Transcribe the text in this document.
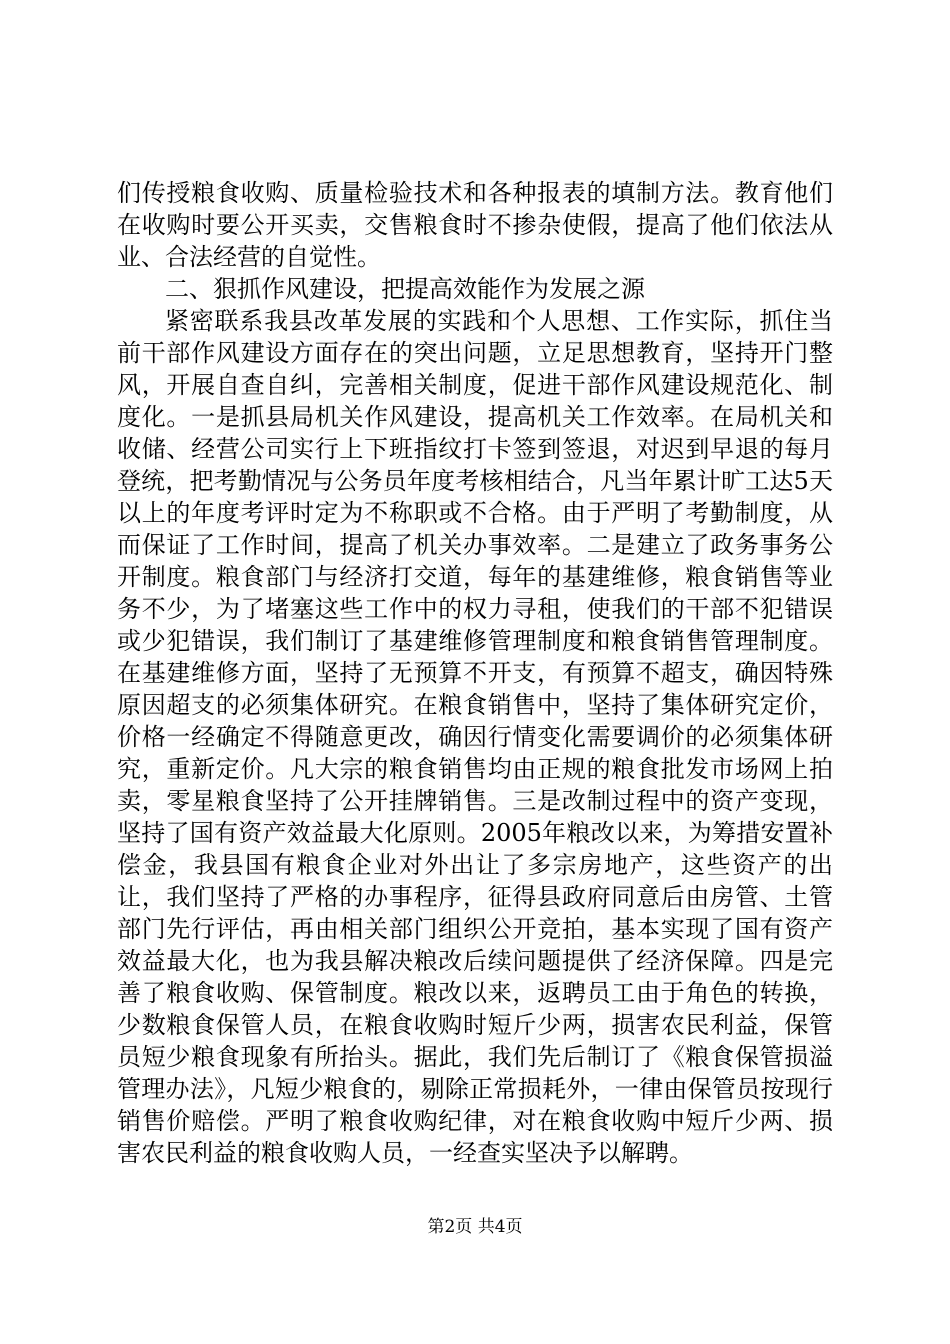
们传授粮食收购、质量检验技术和各种报表的填制方法。教育他们在收购时要公开买卖，交售粮食时不掺杂使假，提高了他们依法从业、合法经营的自觉性。

二、狠抓作风建设，把提高效能作为发展之源

紧密联系我县改革发展的实践和个人思想、工作实际，抓住当前干部作风建设方面存在的突出问题，立足思想教育，坚持开门整风，开展自查自纠，完善相关制度，促进干部作风建设规范化、制度化。一是抓县局机关作风建设，提高机关工作效率。在局机关和收储、经营公司实行上下班指纹打卡签到签退，对迟到早退的每月登统，把考勤情况与公务员年度考核相结合，凡当年累计旷工达5天以上的年度考评时定为不称职或不合格。由于严明了考勤制度，从而保证了工作时间，提高了机关办事效率。二是建立了政务事务公开制度。粮食部门与经济打交道，每年的基建维修，粮食销售等业务不少，为了堵塞这些工作中的权力寻租，使我们的干部不犯错误或少犯错误，我们制订了基建维修管理制度和粮食销售管理制度。在基建维修方面，坚持了无预算不开支，有预算不超支，确因特殊原因超支的必须集体研究。在粮食销售中，坚持了集体研究定价，价格一经确定不得随意更改，确因行情变化需要调价的必须集体研究，重新定价。凡大宗的粮食销售均由正规的粮食批发市场网上拍卖，零星粮食坚持了公开挂牌销售。三是改制过程中的资产变现，坚持了国有资产效益最大化原则。2005年粮改以来，为筹措安置补偿金，我县国有粮食企业对外出让了多宗房地产，这些资产的出让，我们坚持了严格的办事程序，征得县政府同意后由房管、土管部门先行评估，再由相关部门组织公开竞拍，基本实现了国有资产效益最大化，也为我县解决粮改后续问题提供了经济保障。四是完善了粮食收购、保管制度。粮改以来，返聘员工由于角色的转换，少数粮食保管人员，在粮食收购时短斤少两，损害农民利益，保管员短少粮食现象有所抬头。据此，我们先后制订了《粮食保管损溢管理办法》，凡短少粮食的，剔除正常损耗外，一律由保管员按现行销售价赔偿。严明了粮食收购纪律，对在粮食收购中短斤少两、损害农民利益的粮食收购人员，一经查实坚决予以解聘。

第2页 共4页
